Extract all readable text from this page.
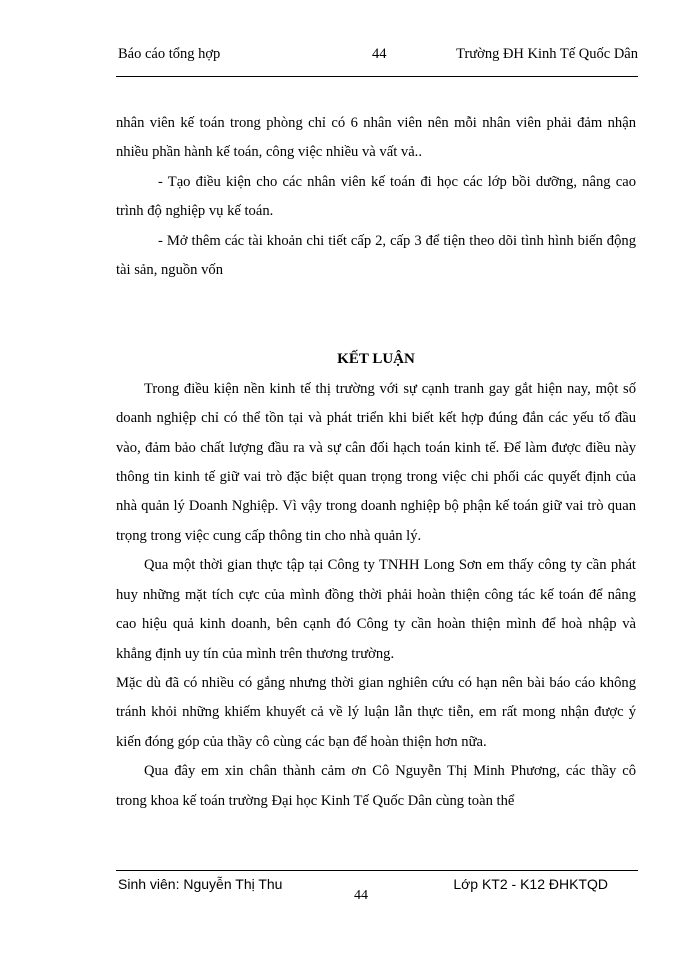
Báo cáo tổng hợp	44	Trường ĐH Kinh Tế Quốc Dân

nhân viên kế toán trong phòng chỉ có 6 nhân viên nên mỗi nhân viên phải đảm nhận nhiều phần hành kế toán, công việc nhiều và vất vả..

- Tạo điều kiện cho các nhân viên kế toán đi học các lớp bồi dưỡng, nâng cao trình độ nghiệp vụ kế toán.

- Mở thêm các tài khoản chi tiết cấp 2, cấp 3 để tiện theo dõi tình hình biến động tài sản, nguồn vốn

KẾT LUẬN

Trong điều kiện nền kinh tế thị trường với sự cạnh tranh gay gắt hiện nay, một số doanh nghiệp chỉ có thể tồn tại và phát triển khi biết kết hợp đúng đắn các yếu tố đầu vào, đảm bảo chất lượng đầu ra và sự cân đối hạch toán kinh tế. Để làm được điều này thông tin kinh tế giữ vai trò đặc biệt quan trọng trong việc chi phối các quyết định của nhà quản lý Doanh Nghiệp. Vì vậy trong doanh nghiệp bộ phận kế toán giữ vai trò quan trọng trong việc cung cấp thông tin cho nhà quản lý.

Qua một thời gian thực tập tại Công ty TNHH Long Sơn em thấy công ty cần phát huy những mặt tích cực của mình đồng thời phải hoàn thiện công tác kế toán để nâng cao hiệu quả kinh doanh, bên cạnh đó Công ty cần hoàn thiện mình để hoà nhập và khẳng định uy tín của mình trên thương trường.

Mặc dù đã có nhiều có gắng nhưng thời gian nghiên cứu có hạn nên bài báo cáo không tránh khỏi những khiếm khuyết cả về lý luận lẫn thực tiễn, em rất mong nhận được ý kiến đóng góp của thầy cô cùng các bạn để hoàn thiện hơn nữa.

Qua đây em xin chân thành cảm ơn Cô Nguyễn Thị Minh Phương, các thầy cô trong khoa kế toán trường Đại học Kinh Tế Quốc Dân cùng toàn thể

Sinh viên: Nguyễn Thị Thu
44
Lớp KT2 - K12 ĐHKTQD
